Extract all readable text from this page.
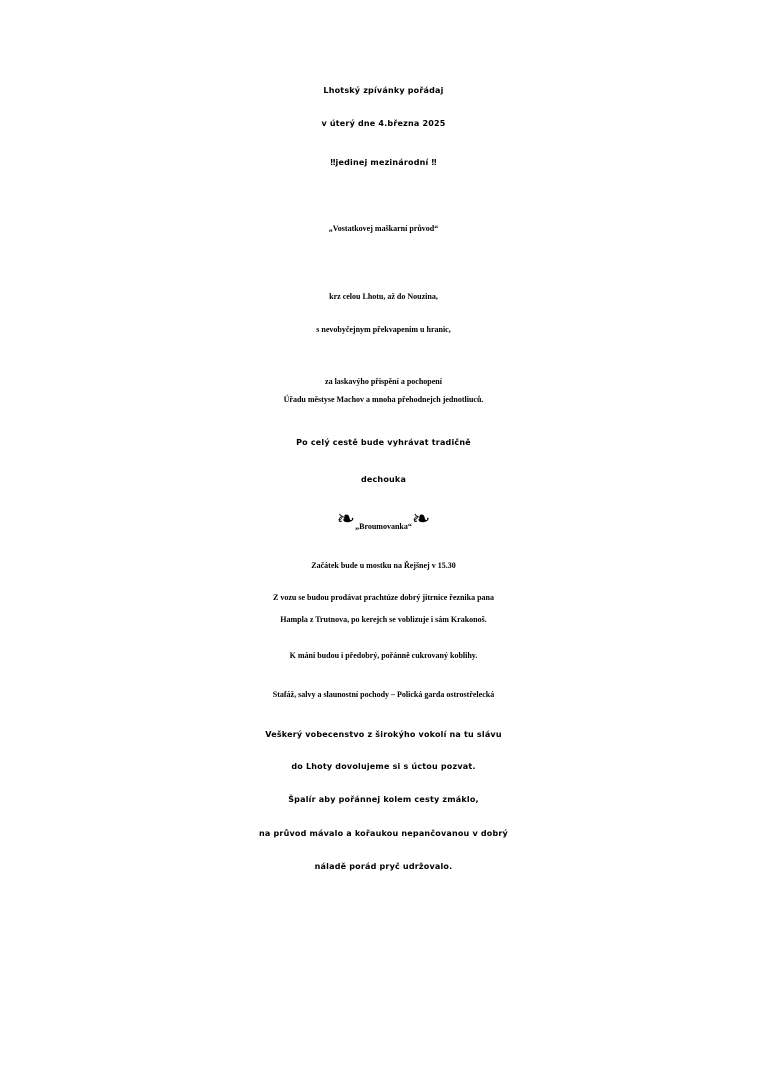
Lhotský zpívánky pořádaj
v úterý dne 4.března 2025
‼jedinej mezinárodní ‼
„Vostatkovej maškarní průvod“
krz celou Lhotu, až do Nouzina,
s nevobyčejnym překvapenim u hranic,
za laskavýho přispění a pochopení
Úřadu městyse Machov a mnoha přehodnejch jednotliuců.
Po celý cestě bude vyhrávat tradičně
dechouka
❧„Broumovanka“❧
Začátek bude u mostku na Řejšnej v 15.30
Z vozu se budou prodávat prachtúze dobrý jitrnice řeznika pana
Hampla z Trutnova, po kerejch se voblizuje i sám Krakonoš.
K máni budou i předobrý, pořánně cukrovaný koblihy.
Stafáž, salvy a slaunostní pochody – Polická garda ostrostřelecká
Veškerý vobecenstvo z širokýho vokolí na tu slávu
do Lhoty dovolujeme si s úctou pozvat.
Špalír aby pořánnej kolem cesty zmáklo,
na průvod mávalo a kořaukou nepančovanou v dobrý
náladě porád pryč udržovalo.
